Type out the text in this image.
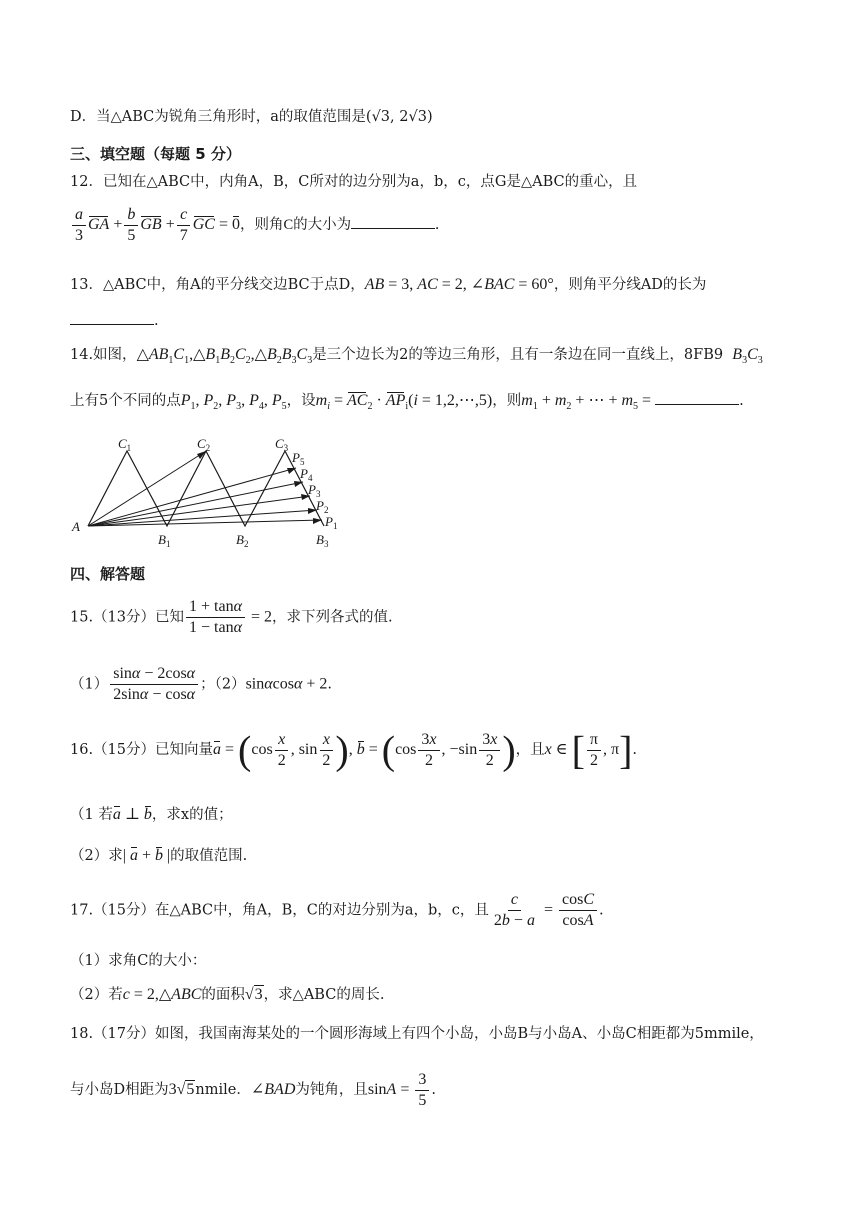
D．当△ABC为锐角三角形时，a的取值范围是(√3, 2√3)
三、填空题（每题 5 分）
12．已知在△ABC中，内角A，B，C所对的边分别为a，b，c，点G是△ABC的重心，且
$\frac{a}{3}$ GA + $\frac{b}{5}$ GB + $\frac{c}{7}$ GC = 0，则角C的大小为	.
13．△ABC中，角A的平分线交边BC于点D，AB = 3, AC = 2, ∠BAC = 60°，则角平分线AD的长为
.
14.如图，$\triangle AB_1C_1,\triangle B_1B_2C_2,\triangle B_2B_3C_3$是三个边长为2的等边三角形，且有一条边在同一直线上，8FB9 $B_3C_3$
上有5个不同的点$P_1$, $P_2$, $P_3$, $P_4$, $P_5$，设$m_i = AC_2 \cdot AP_i(i$ = 1,2,⋯,5)，则$m_1 + m_2$ + ⋯ + $m_5$ =	.
$C_1$	$C_2$	$C_3$
$P_5$
$P_4$
$P_3$
$P_2$
$P_1$
A
$B_1$	$B_2$	$B_3$
四、解答题
15.（13分）已知 $\frac{1 + \tan\alpha}{1 - \tan\alpha} = 2$，求下列各式的值.
$(1) \frac{\sin\alpha - 2\cos\alpha}{2\sin\alpha - \cos\alpha}$ ；（2）sinαcosα + 2.
16.（15分）已知向量$a = (\cos \frac{x}{2}$ , $\sin \frac{x}{2}$ ), $b = (\cos \frac{3x}{2}$ , $-\sin \frac{3x}{2}$ )，且x ∈ [ $\frac{\pi}{2}$ , π].
（1 若a ⊥ b，求x的值；
（2）求| a + b |的取值范围.
17.（15分）在△ABC中，角A，B，C的对边分别为a，b，c，且 $\frac{c}{2b - a} = \frac{\cos C}{\cos A}$ .
（1）求角C的大小：
（2）若c = 2,△ABC的面积√3，求△ABC的周长.
18.（17分）如图，我国南海某处的一个圆形海域上有四个小岛，小岛B与小岛A、小岛C相距都为5mmile，
与小岛D相距为3√5nmile．∠BAD为钝角，且$\sin A = \frac{3}{5}$ .
